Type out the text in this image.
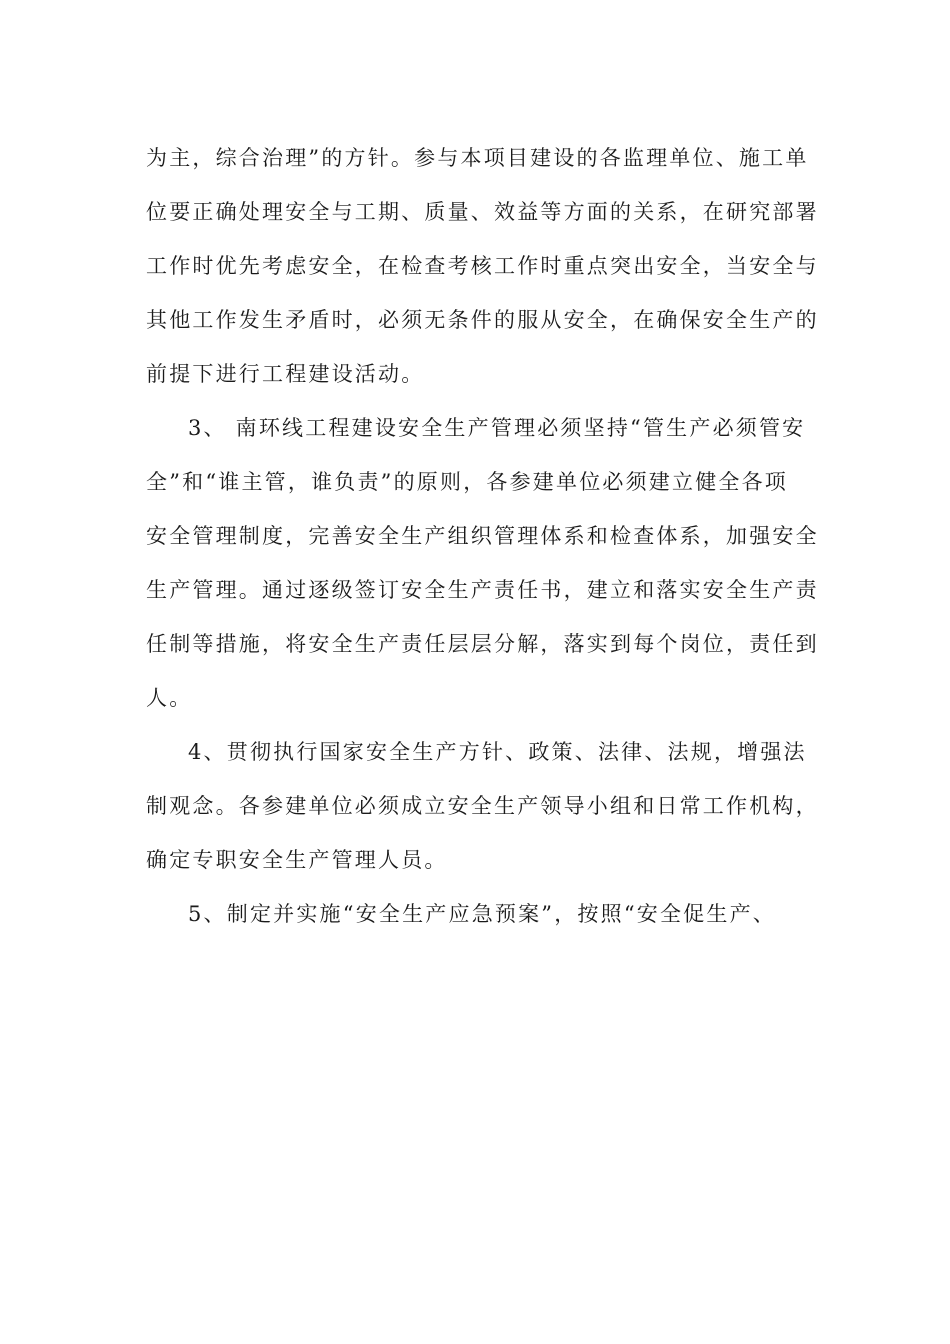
为主，综合治理”的方针。参与本项目建设的各监理单位、施工单
位要正确处理安全与工期、质量、效益等方面的关系，在研究部署
工作时优先考虑安全，在检查考核工作时重点突出安全，当安全与
其他工作发生矛盾时，必须无条件的服从安全，在确保安全生产的
前提下进行工程建设活动。
3、 南环线工程建设安全生产管理必须坚持“管生产必须管安
全”和“谁主管，谁负责”的原则，各参建单位必须建立健全各项
安全管理制度，完善安全生产组织管理体系和检查体系，加强安全
生产管理。通过逐级签订安全生产责任书，建立和落实安全生产责
任制等措施，将安全生产责任层层分解，落实到每个岗位，责任到
人。
4、贯彻执行国家安全生产方针、政策、法律、法规，增强法
制观念。各参建单位必须成立安全生产领导小组和日常工作机构，
确定专职安全生产管理人员。
5、制定并实施“安全生产应急预案”，按照“安全促生产、
